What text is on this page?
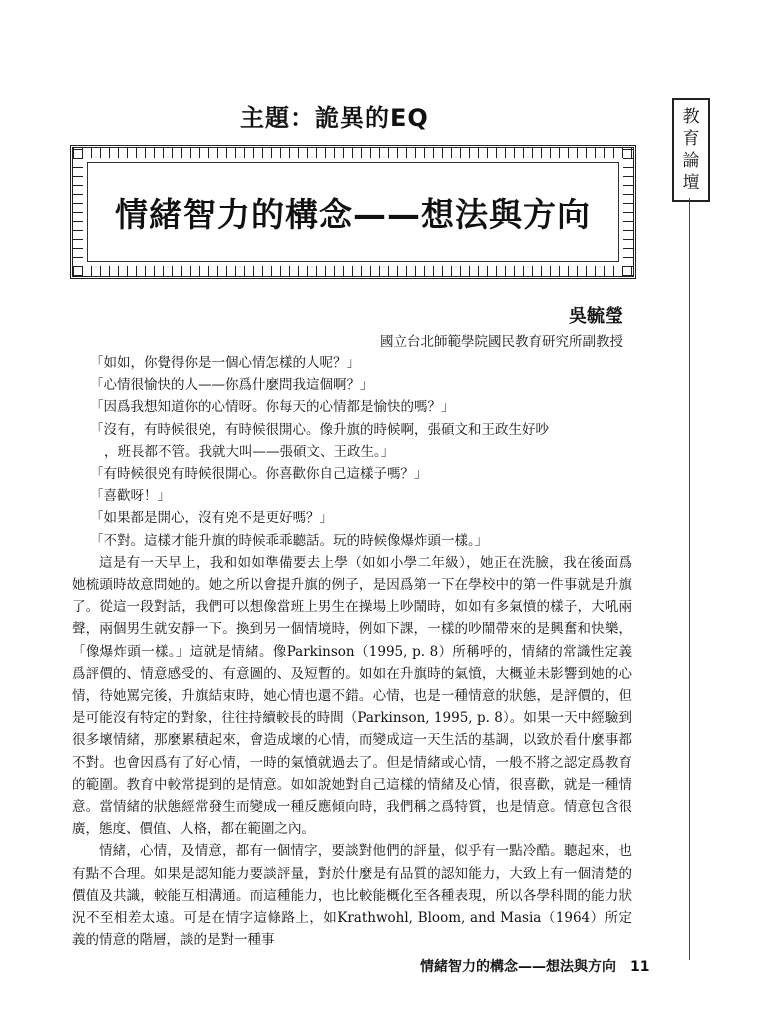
主題：詭異的EQ
情緒智力的構念——想法與方向
教
育
論
壇
吳毓瑩
國立台北師範學院國民教育研究所副教授
「如如，你覺得你是一個心情怎樣的人呢？」
「心情很愉快的人——你爲什麼問我這個啊？」
「因爲我想知道你的心情呀。你每天的心情都是愉快的嗎？」
「沒有，有時候很兇，有時候很開心。像升旗的時候啊，張碩文和王政生好吵
，班長都不管。我就大叫——張碩文、王政生。」
「有時候很兇有時候很開心。你喜歡你自己這樣子嗎？」
「喜歡呀！」
「如果都是開心，沒有兇不是更好嗎？」
「不對。這樣才能升旗的時候乖乖聽話。玩的時候像爆炸頭一樣。」

這是有一天早上，我和如如準備要去上學（如如小學二年級），她正在洗臉，我在後面爲她梳頭時故意問她的。她之所以會提升旗的例子，是因爲第一下在學校中的第一件事就是升旗了。從這一段對話，我們可以想像當班上男生在操場上吵鬧時，如如有多氣憤的樣子，大吼兩聲，兩個男生就安靜一下。換到另一個情境時，例如下課，一樣的吵鬧帶來的是興奮和快樂，「像爆炸頭一樣。」這就是情緒。像Parkinson（1995, p. 8）所稱呼的，情緒的常識性定義爲評價的、情意感受的、有意圖的、及短暫的。如如在升旗時的氣憤，大概並未影響到她的心情，待她罵完後，升旗結束時，她心情也還不錯。心情，也是一種情意的狀態，是評價的，但是可能沒有特定的對象，往往持續較長的時間（Parkinson, 1995, p. 8）。如果一天中經驗到很多壞情緒，那麼累積起來，會造成壞的心情，而變成這一天生活的基調，以致於看什麼事都不對。也會因爲有了好心情，一時的氣憤就過去了。但是情緒或心情，一般不將之認定爲教育的範圍。教育中較常提到的是情意。如如說她對自己這樣的情緒及心情，很喜歡，就是一種情意。當情緒的狀態經常發生而變成一種反應傾向時，我們稱之爲特質，也是情意。情意包含很廣，態度、價值、人格，都在範圍之內。

情緒，心情，及情意，都有一個情字，要談對他們的評量，似乎有一點冷酷。聽起來，也有點不合理。如果是認知能力要談評量，對於什麼是有品質的認知能力，大致上有一個清楚的價值及共識，較能互相溝通。而這種能力，也比較能概化至各種表現，所以各學科間的能力狀況不至相差太遠。可是在情字這條路上，如Krathwohl, Bloom, and Masia（1964）所定義的情意的階層，談的是對一種事

情緒智力的構念——想法與方向 11
